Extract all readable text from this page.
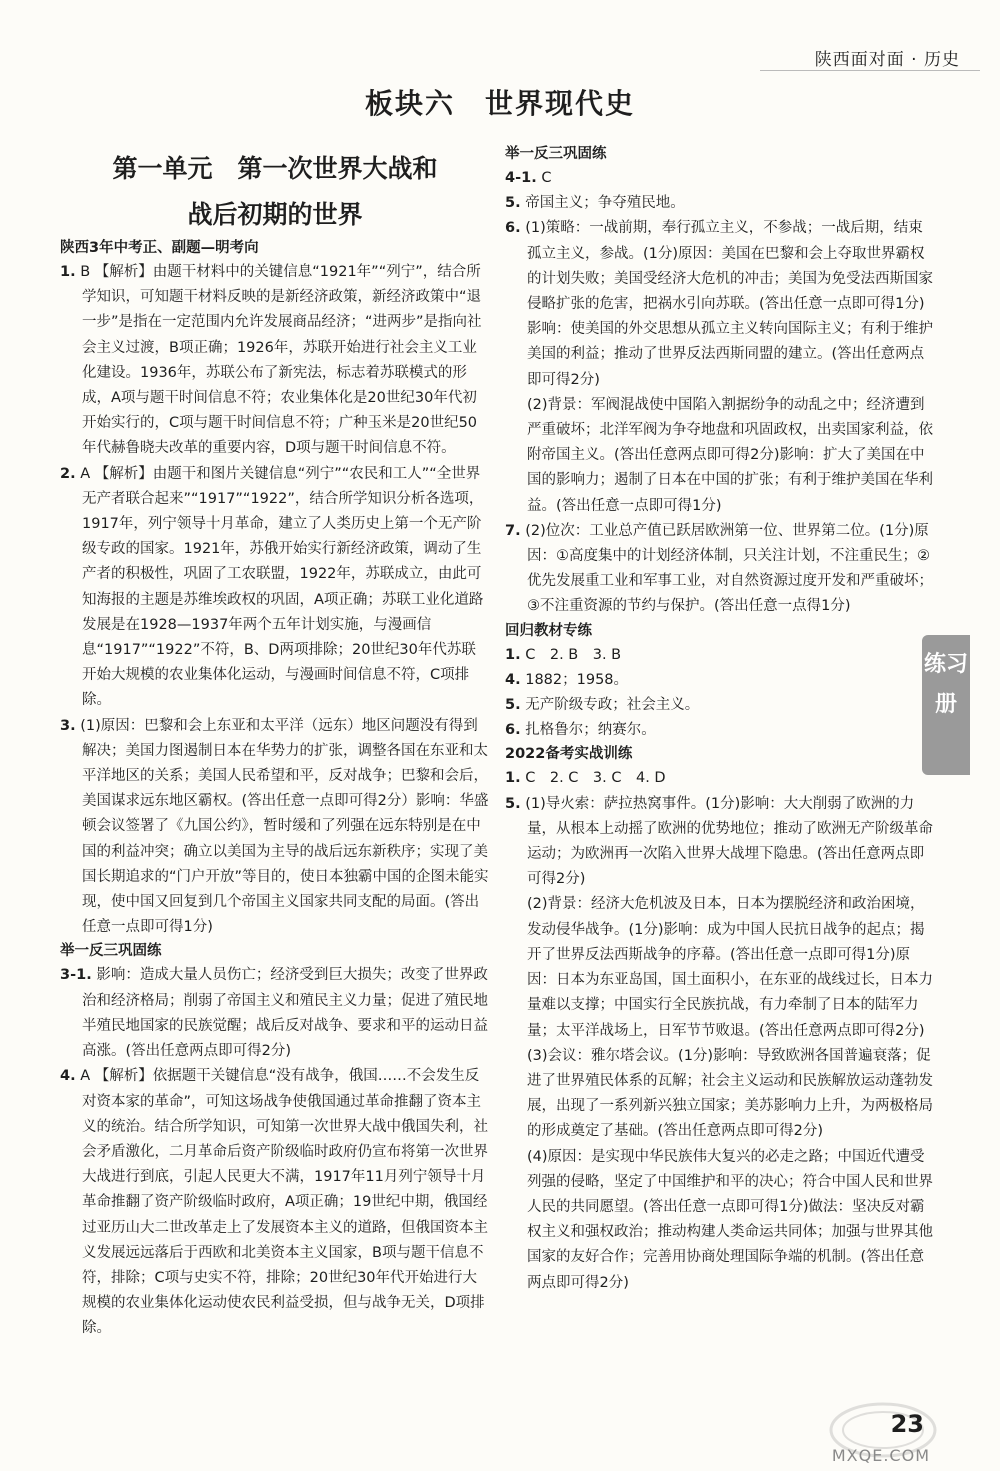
陕西面对面 · 历史
板块六　世界现代史
第一单元　第一次世界大战和
战后初期的世界
陕西3年中考正、副题—明考向

1. B 【解析】由题干材料中的关键信息“1921年”“列宁”，结合所学知识，可知题干材料反映的是新经济政策，新经济政策中“退一步”是指在一定范围内允许发展商品经济；“进两步”是指向社会主义过渡，B项正确；1926年，苏联开始进行社会主义工业化建设。1936年，苏联公布了新宪法，标志着苏联模式的形成，A项与题干时间信息不符；农业集体化是20世纪30年代初开始实行的，C项与题干时间信息不符；广种玉米是20世纪50年代赫鲁晓夫改革的重要内容，D项与题干时间信息不符。

2. A 【解析】由题干和图片关键信息“列宁”“农民和工人”“全世界无产者联合起来”“1917”“1922”，结合所学知识分析各选项，1917年，列宁领导十月革命，建立了人类历史上第一个无产阶级专政的国家。1921年，苏俄开始实行新经济政策，调动了生产者的积极性，巩固了工农联盟，1922年，苏联成立，由此可知海报的主题是苏维埃政权的巩固，A项正确；苏联工业化道路发展是在1928—1937年两个五年计划实施，与漫画信息“1917”“1922”不符，B、D两项排除；20世纪30年代苏联开始大规模的农业集体化运动，与漫画时间信息不符，C项排除。

3. (1)原因：巴黎和会上东亚和太平洋（远东）地区问题没有得到解决；美国力图遏制日本在华势力的扩张，调整各国在东亚和太平洋地区的关系；美国人民希望和平，反对战争；巴黎和会后，美国谋求远东地区霸权。(答出任意一点即可得2分）影响：华盛顿会议签署了《九国公约》，暂时缓和了列强在远东特别是在中国的利益冲突；确立以美国为主导的战后远东新秩序；实现了美国长期追求的“门户开放”等目的，使日本独霸中国的企图未能实现，使中国又回复到几个帝国主义国家共同支配的局面。(答出任意一点即可得1分)

举一反三巩固练

3-1. 影响：造成大量人员伤亡；经济受到巨大损失；改变了世界政治和经济格局；削弱了帝国主义和殖民主义力量；促进了殖民地半殖民地国家的民族觉醒；战后反对战争、要求和平的运动日益高涨。(答出任意两点即可得2分)

4. A 【解析】依据题干关键信息“没有战争，俄国……不会发生反对资本家的革命”，可知这场战争使俄国通过革命推翻了资本主义的统治。结合所学知识，可知第一次世界大战中俄国失利，社会矛盾激化，二月革命后资产阶级临时政府仍宣布将第一次世界大战进行到底，引起人民更大不满，1917年11月列宁领导十月革命推翻了资产阶级临时政府，A项正确；19世纪中期，俄国经过亚历山大二世改革走上了发展资本主义的道路，但俄国资本主义发展远远落后于西欧和北美资本主义国家，B项与题干信息不符，排除；C项与史实不符，排除；20世纪30年代开始进行大规模的农业集体化运动使农民利益受损，但与战争无关，D项排除。

举一反三巩固练

4-1. C

5. 帝国主义；争夺殖民地。

6. (1)策略：一战前期，奉行孤立主义，不参战；一战后期，结束孤立主义，参战。(1分)原因：美国在巴黎和会上夺取世界霸权的计划失败；美国受经济大危机的冲击；美国为免受法西斯国家侵略扩张的危害，把祸水引向苏联。(答出任意一点即可得1分)影响：使美国的外交思想从孤立主义转向国际主义；有利于维护美国的利益；推动了世界反法西斯同盟的建立。(答出任意两点即可得2分)

(2)背景：军阀混战使中国陷入割据纷争的动乱之中；经济遭到严重破坏；北洋军阀为争夺地盘和巩固政权，出卖国家利益，依附帝国主义。(答出任意两点即可得2分)影响：扩大了美国在中国的影响力；遏制了日本在中国的扩张；有利于维护美国在华利益。(答出任意一点即可得1分)

7. (2)位次：工业总产值已跃居欧洲第一位、世界第二位。(1分)原因：①高度集中的计划经济体制，只关注计划，不注重民生；②优先发展重工业和军事工业，对自然资源过度开发和严重破坏；③不注重资源的节约与保护。(答出任意一点得1分)

回归教材专练

1. C　2. B　3. B

4. 1882；1958。

5. 无产阶级专政；社会主义。

6. 扎格鲁尔；纳赛尔。

2022备考实战训练

1. C　2. C　3. C　4. D

5. (1)导火索：萨拉热窝事件。(1分)影响：大大削弱了欧洲的力量，从根本上动摇了欧洲的优势地位；推动了欧洲无产阶级革命运动；为欧洲再一次陷入世界大战埋下隐患。(答出任意两点即可得2分)

(2)背景：经济大危机波及日本，日本为摆脱经济和政治困境，发动侵华战争。(1分)影响：成为中国人民抗日战争的起点；揭开了世界反法西斯战争的序幕。(答出任意一点即可得1分)原因：日本为东亚岛国，国土面积小，在东亚的战线过长，日本力量难以支撑；中国实行全民族抗战，有力牵制了日本的陆军力量；太平洋战场上，日军节节败退。(答出任意两点即可得2分)

(3)会议：雅尔塔会议。(1分)影响：导致欧洲各国普遍衰落；促进了世界殖民体系的瓦解；社会主义运动和民族解放运动蓬勃发展，出现了一系列新兴独立国家；美苏影响力上升，为两极格局的形成奠定了基础。(答出任意两点即可得2分)

(4)原因：是实现中华民族伟大复兴的必走之路；中国近代遭受列强的侵略，坚定了中国维护和平的决心；符合中国人民和世界人民的共同愿望。(答出任意一点即可得1分)做法：坚决反对霸权主义和强权政治；推动构建人类命运共同体；加强与世界其他国家的友好合作；完善用协商处理国际争端的机制。(答出任意两点即可得2分)

练习册
MXQE.COM
23
